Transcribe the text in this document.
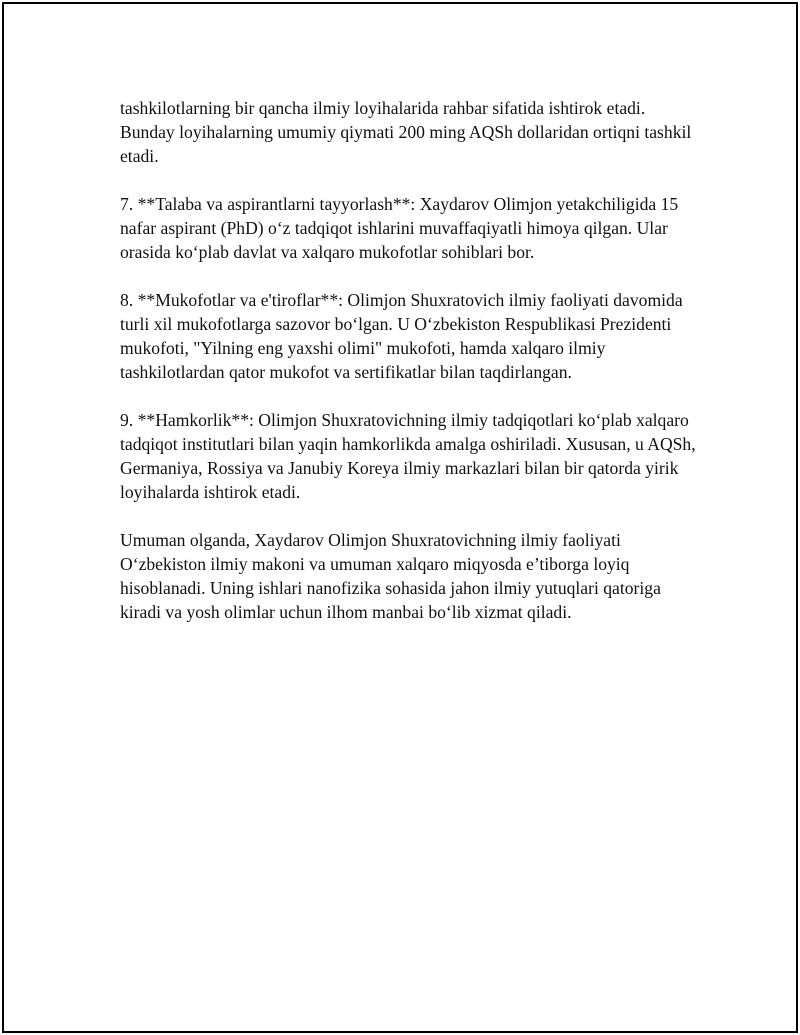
tashkilotlarning bir qancha ilmiy loyihalarida rahbar sifatida ishtirok etadi. Bunday loyihalarning umumiy qiymati 200 ming AQSh dollaridan ortiqni tashkil etadi.

7. **Talaba va aspirantlarni tayyorlash**: Xaydarov Olimjon yetakchiligida 15 nafar aspirant (PhD) o‘z tadqiqot ishlarini muvaffaqiyatli himoya qilgan. Ular orasida ko‘plab davlat va xalqaro mukofotlar sohiblari bor.

8. **Mukofotlar va e'tiroflar**: Olimjon Shuxratovich ilmiy faoliyati davomida turli xil mukofotlarga sazovor bo‘lgan. U O‘zbekiston Respublikasi Prezidenti mukofoti, "Yilning eng yaxshi olimi" mukofoti, hamda xalqaro ilmiy tashkilotlardan qator mukofot va sertifikatlar bilan taqdirlangan.

9. **Hamkorlik**: Olimjon Shuxratovichning ilmiy tadqiqotlari ko‘plab xalqaro tadqiqot institutlari bilan yaqin hamkorlikda amalga oshiriladi. Xususan, u AQSh, Germaniya, Rossiya va Janubiy Koreya ilmiy markazlari bilan bir qatorda yirik loyihalarda ishtirok etadi.

Umuman olganda, Xaydarov Olimjon Shuxratovichning ilmiy faoliyati O‘zbekiston ilmiy makoni va umuman xalqaro miqyosda e’tiborga loyiq hisoblanadi. Uning ishlari nanofizika sohasida jahon ilmiy yutuqlari qatoriga kiradi va yosh olimlar uchun ilhom manbai bo‘lib xizmat qiladi.
